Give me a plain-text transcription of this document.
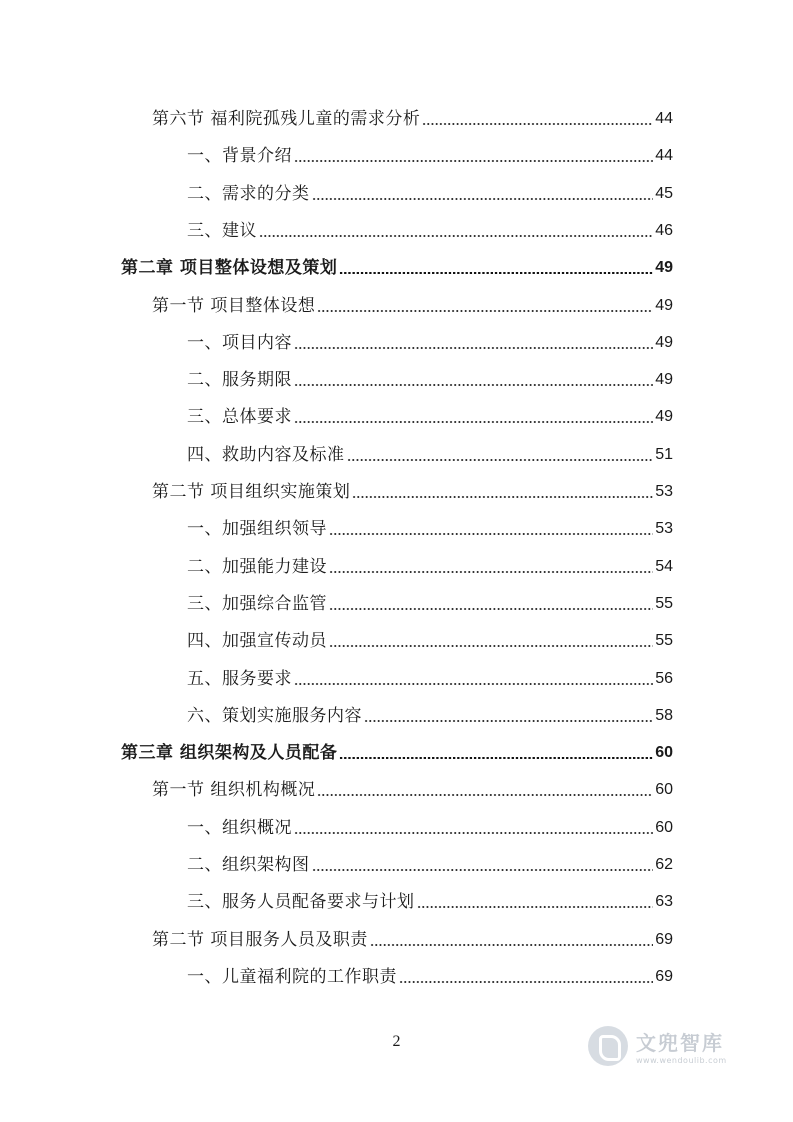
第六节 福利院孤残儿童的需求分析	44
一、背景介绍	44
二、需求的分类	45
三、建议	46
第二章 项目整体设想及策划	49
第一节 项目整体设想	49
一、项目内容	49
二、服务期限	49
三、总体要求	49
四、救助内容及标准	51
第二节 项目组织实施策划	53
一、加强组织领导	53
二、加强能力建设	54
三、加强综合监管	55
四、加强宣传动员	55
五、服务要求	56
六、策划实施服务内容	58
第三章 组织架构及人员配备	60
第一节 组织机构概况	60
一、组织概况	60
二、组织架构图	62
三、服务人员配备要求与计划	63
第二节 项目服务人员及职责	69
一、儿童福利院的工作职责	69
2	文兜智库
www.wendoulib.com
